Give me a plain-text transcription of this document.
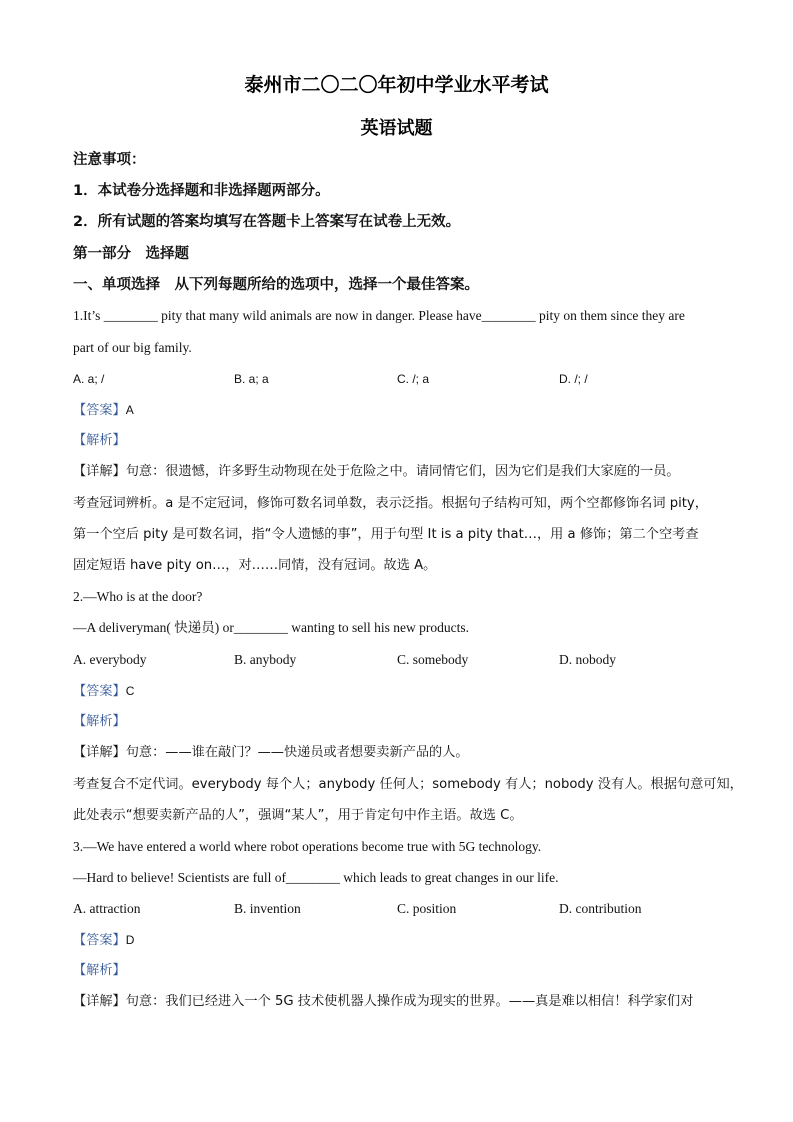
泰州市二〇二〇年初中学业水平考试
英语试题
注意事项：
1．本试卷分选择题和非选择题两部分。
2．所有试题的答案均填写在答题卡上答案写在试卷上无效。
第一部分　选择题
一、单项选择　从下列每题所给的选项中，选择一个最佳答案。
1.It’s ________ pity that many wild animals are now in danger. Please have________ pity on them since they are
part of our big family.
A. a; /	B. a; a	C. /; a	D. /; /
【答案】A
【解析】
【详解】句意：很遗憾，许多野生动物现在处于危险之中。请同情它们，因为它们是我们大家庭的一员。
考查冠词辨析。a 是不定冠词，修饰可数名词单数，表示泛指。根据句子结构可知，两个空都修饰名词 pity，
第一个空后 pity 是可数名词，指“令人遗憾的事”，用于句型 It is a pity that…，用 a 修饰；第二个空考查
固定短语 have pity on…，对……同情，没有冠词。故选 A。
2.—Who is at the door?
—A deliveryman( 快递员) or________ wanting to sell his new products.
A. everybody	B. anybody	C. somebody	D. nobody
【答案】C
【解析】
【详解】句意：——谁在敲门？——快递员或者想要卖新产品的人。
考查复合不定代词。everybody 每个人；anybody 任何人；somebody 有人；nobody 没有人。根据句意可知，
此处表示“想要卖新产品的人”，强调“某人”，用于肯定句中作主语。故选 C。
3.—We have entered a world where robot operations become true with 5G technology.
—Hard to believe! Scientists are full of________ which leads to great changes in our life.
A. attraction	B. invention	C. position	D. contribution
【答案】D
【解析】
【详解】句意：我们已经进入一个 5G 技术使机器人操作成为现实的世界。——真是难以相信！科学家们对
